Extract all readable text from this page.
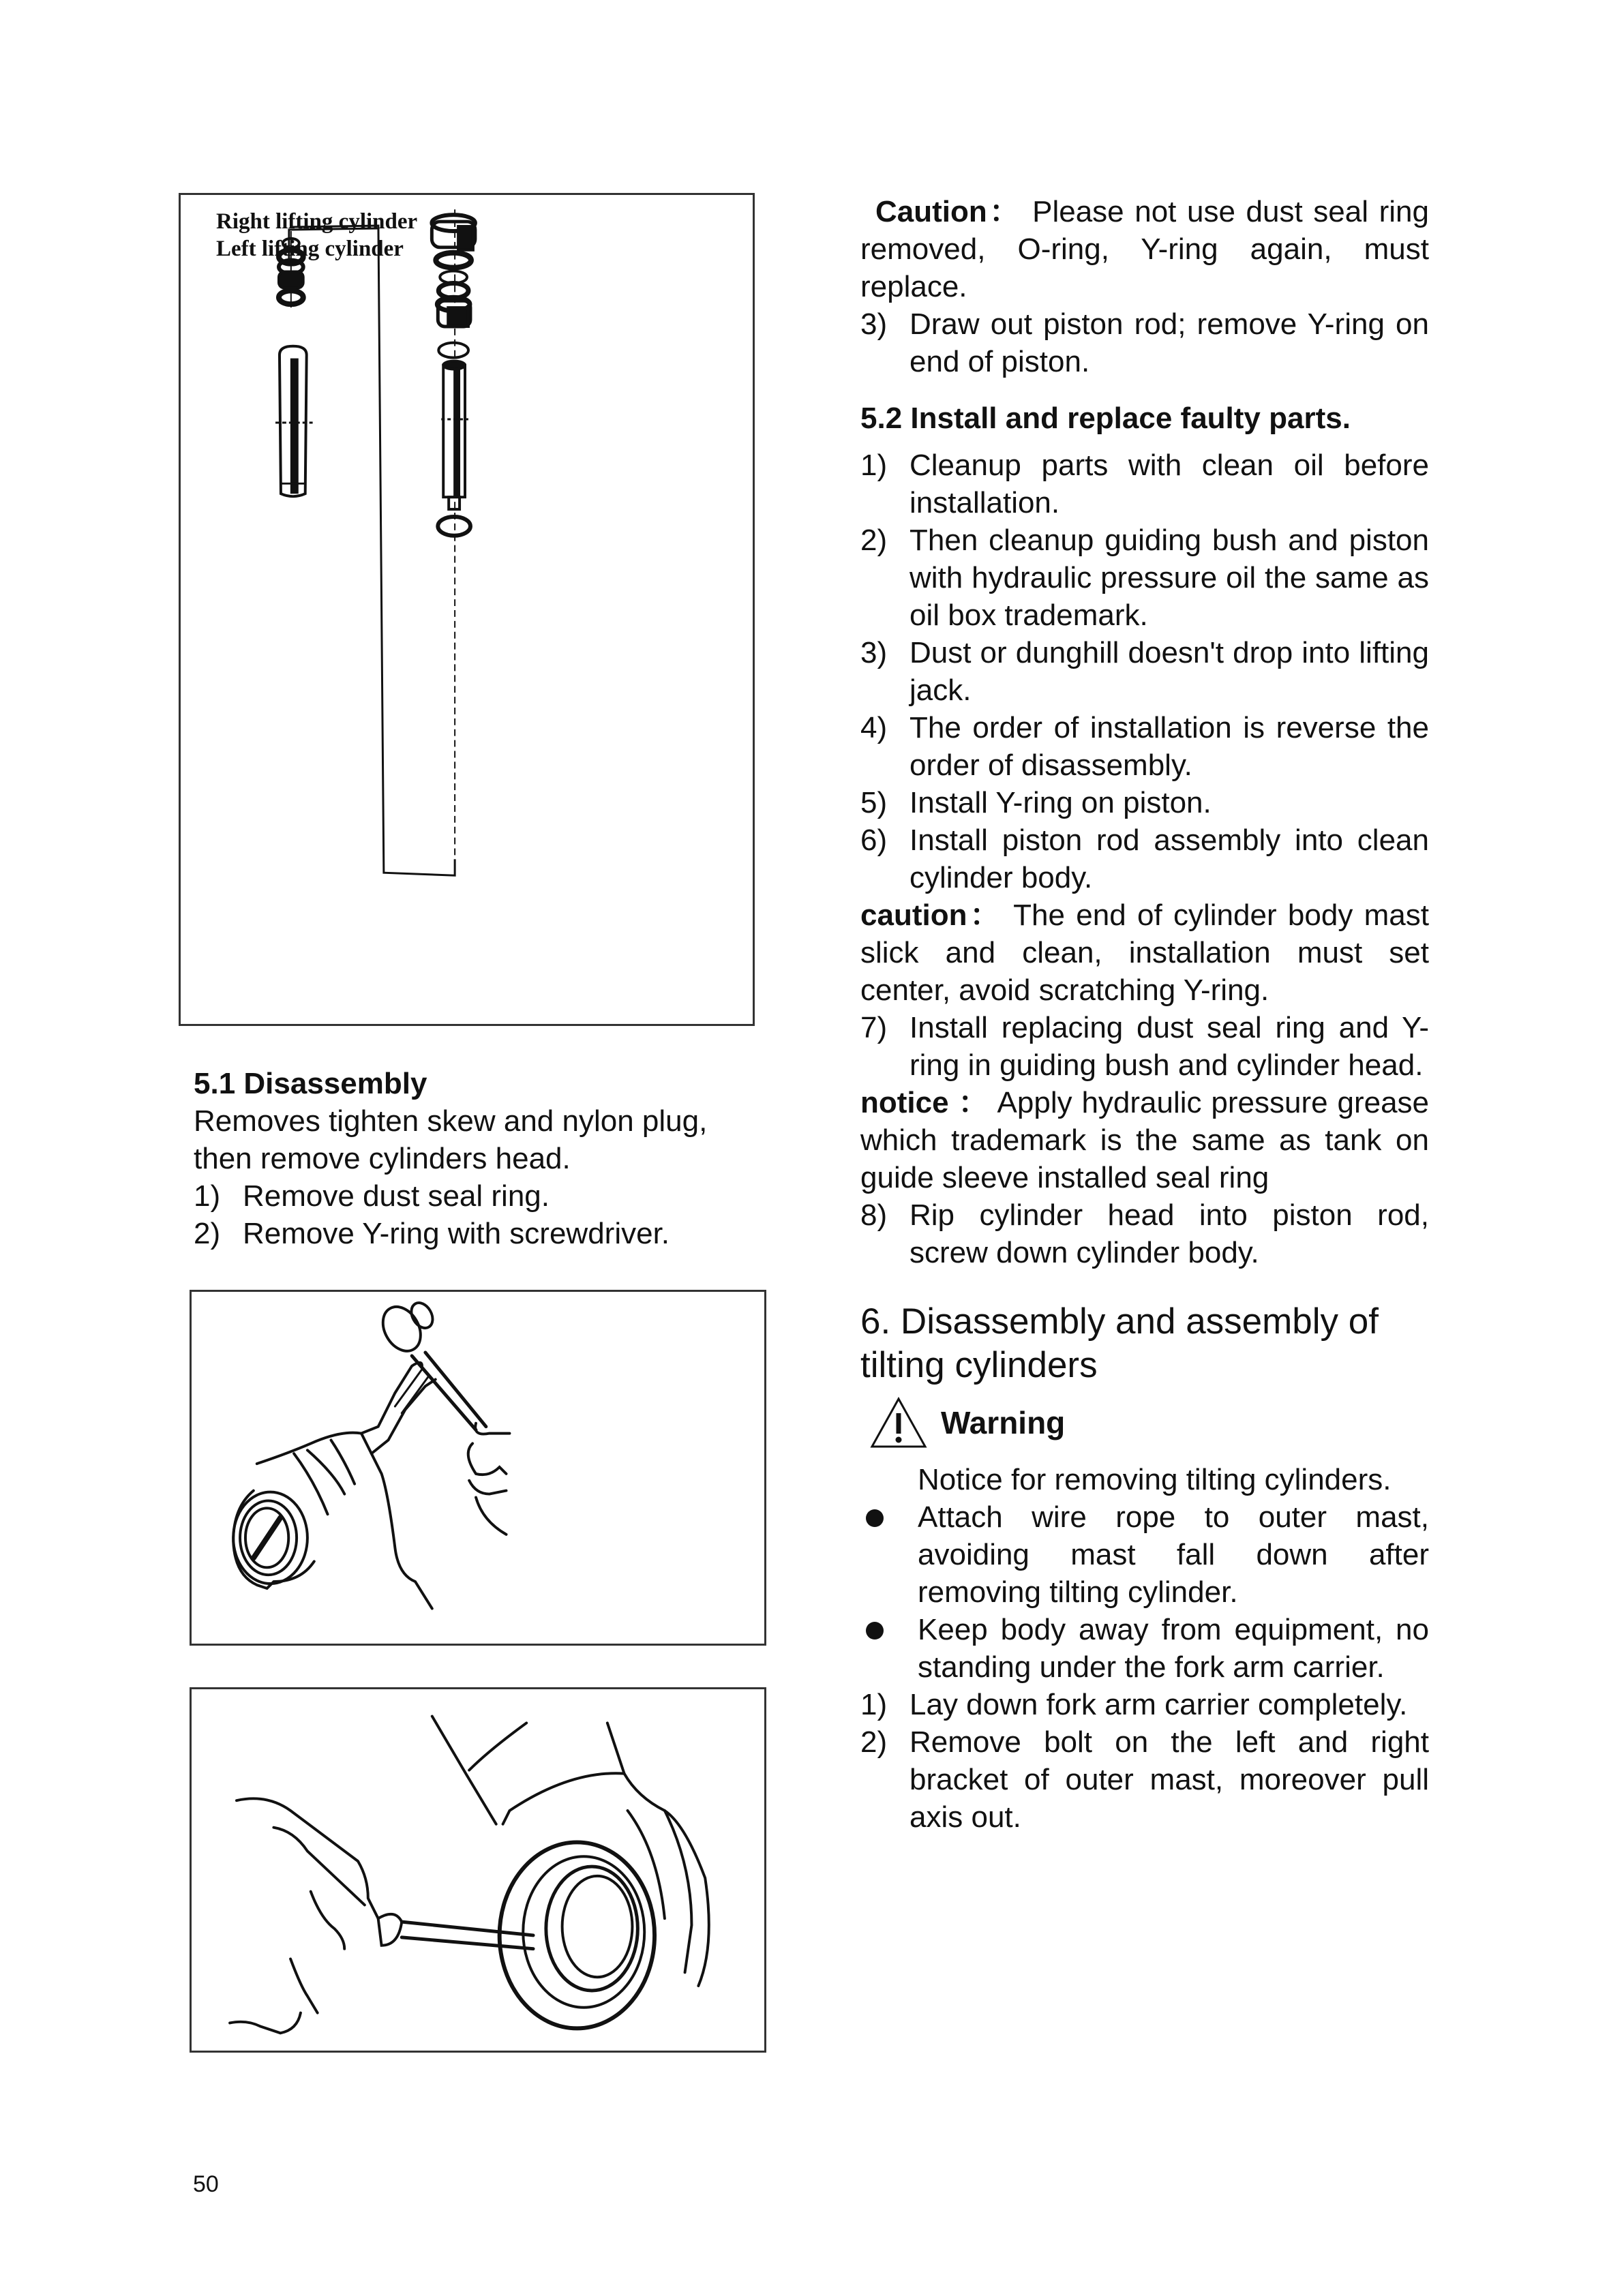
Right lifting cylinder
Left lifting cylinder

5.1 Disassembly

Removes tighten skew and nylon plug,

then remove cylinders head.

1) Remove dust seal ring.
2) Remove Y-ring with screwdriver.

Caution： Please not use dust seal ring removed, O-ring, Y-ring again, must replace.

3) Draw out piston rod; remove Y-ring on end of piston.

5.2 Install and replace faulty parts.

1) Cleanup parts with clean oil before installation.
2) Then cleanup guiding bush and piston with hydraulic pressure oil the same as oil box trademark.
3) Dust or dunghill doesn't drop into lifting jack.
4) The order of installation is reverse the order of disassembly.
5) Install Y-ring on piston.
6) Install piston rod assembly into clean cylinder body.

caution： The end of cylinder body mast slick and clean, installation must set center, avoid scratching Y-ring.

7) Install replacing dust seal ring and Y-ring in guiding bush and cylinder head.

notice ： Apply hydraulic pressure grease which trademark is the same as tank on guide sleeve installed seal ring

8) Rip cylinder head into piston rod, screw down cylinder body.

6. Disassembly and assembly of

tilting cylinders

Warning

Notice for removing tilting cylinders.

Attach wire rope to outer mast, avoiding mast fall down after removing tilting cylinder.
Keep body away from equipment, no standing under the fork arm carrier.
1) Lay down fork arm carrier completely.
2) Remove bolt on the left and right bracket of outer mast, moreover pull axis out.
50
